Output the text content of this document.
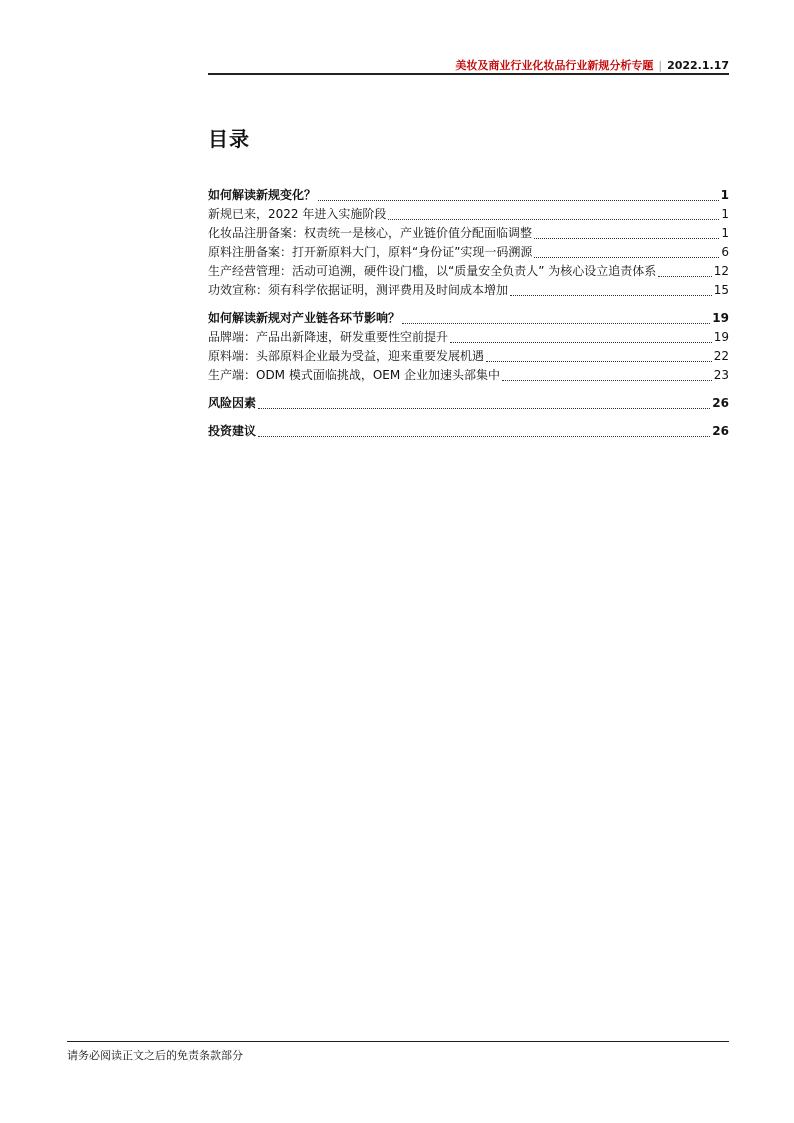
美妆及商业行业化妆品行业新规分析专题 | 2022.1.17
目录
如何解读新规变化？	1
新规已来，2022 年进入实施阶段	1
化妆品注册备案：权责统一是核心，产业链价值分配面临调整	1
原料注册备案：打开新原料大门，原料“身份证”实现一码溯源	6
生产经营管理：活动可追溯，硬件设门槛，以“质量安全负责人” 为核心设立追责体系	12
功效宣称：须有科学依据证明，测评费用及时间成本增加	15
如何解读新规对产业链各环节影响？	19
品牌端：产品出新降速，研发重要性空前提升	19
原料端：头部原料企业最为受益，迎来重要发展机遇	22
生产端：ODM 模式面临挑战，OEM 企业加速头部集中	23
风险因素	26
投资建议	26
请务必阅读正文之后的免责条款部分
